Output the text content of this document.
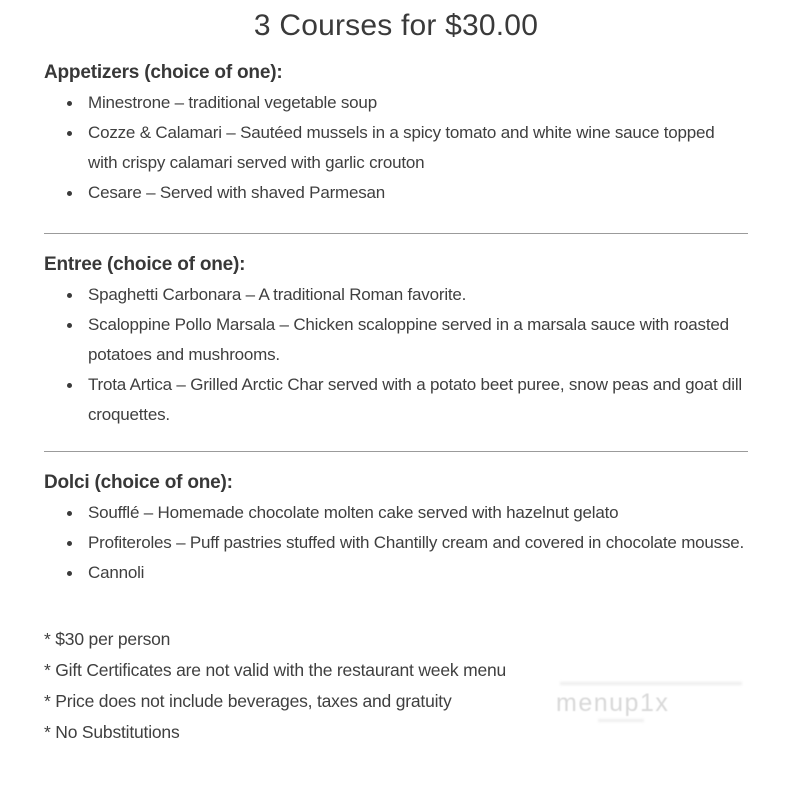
3 Courses for $30.00
Appetizers (choice of one):
Minestrone – traditional vegetable soup
Cozze & Calamari – Sautéed mussels in a spicy tomato and white wine sauce topped with crispy calamari served with garlic crouton
Cesare – Served with shaved Parmesan
Entree (choice of one):
Spaghetti Carbonara – A traditional Roman favorite.
Scaloppine Pollo Marsala – Chicken scaloppine served in a marsala sauce with roasted potatoes and mushrooms.
Trota Artica – Grilled Arctic Char served with a potato beet puree, snow peas and goat dill croquettes.
Dolci (choice of one):
Soufflé – Homemade chocolate molten cake served with hazelnut gelato
Profiteroles – Puff pastries stuffed with Chantilly cream and covered in chocolate mousse.
Cannoli

* $30 per person

* Gift Certificates are not valid with the restaurant week menu

* Price does not include beverages, taxes and gratuity

* No Substitutions

menup1x
